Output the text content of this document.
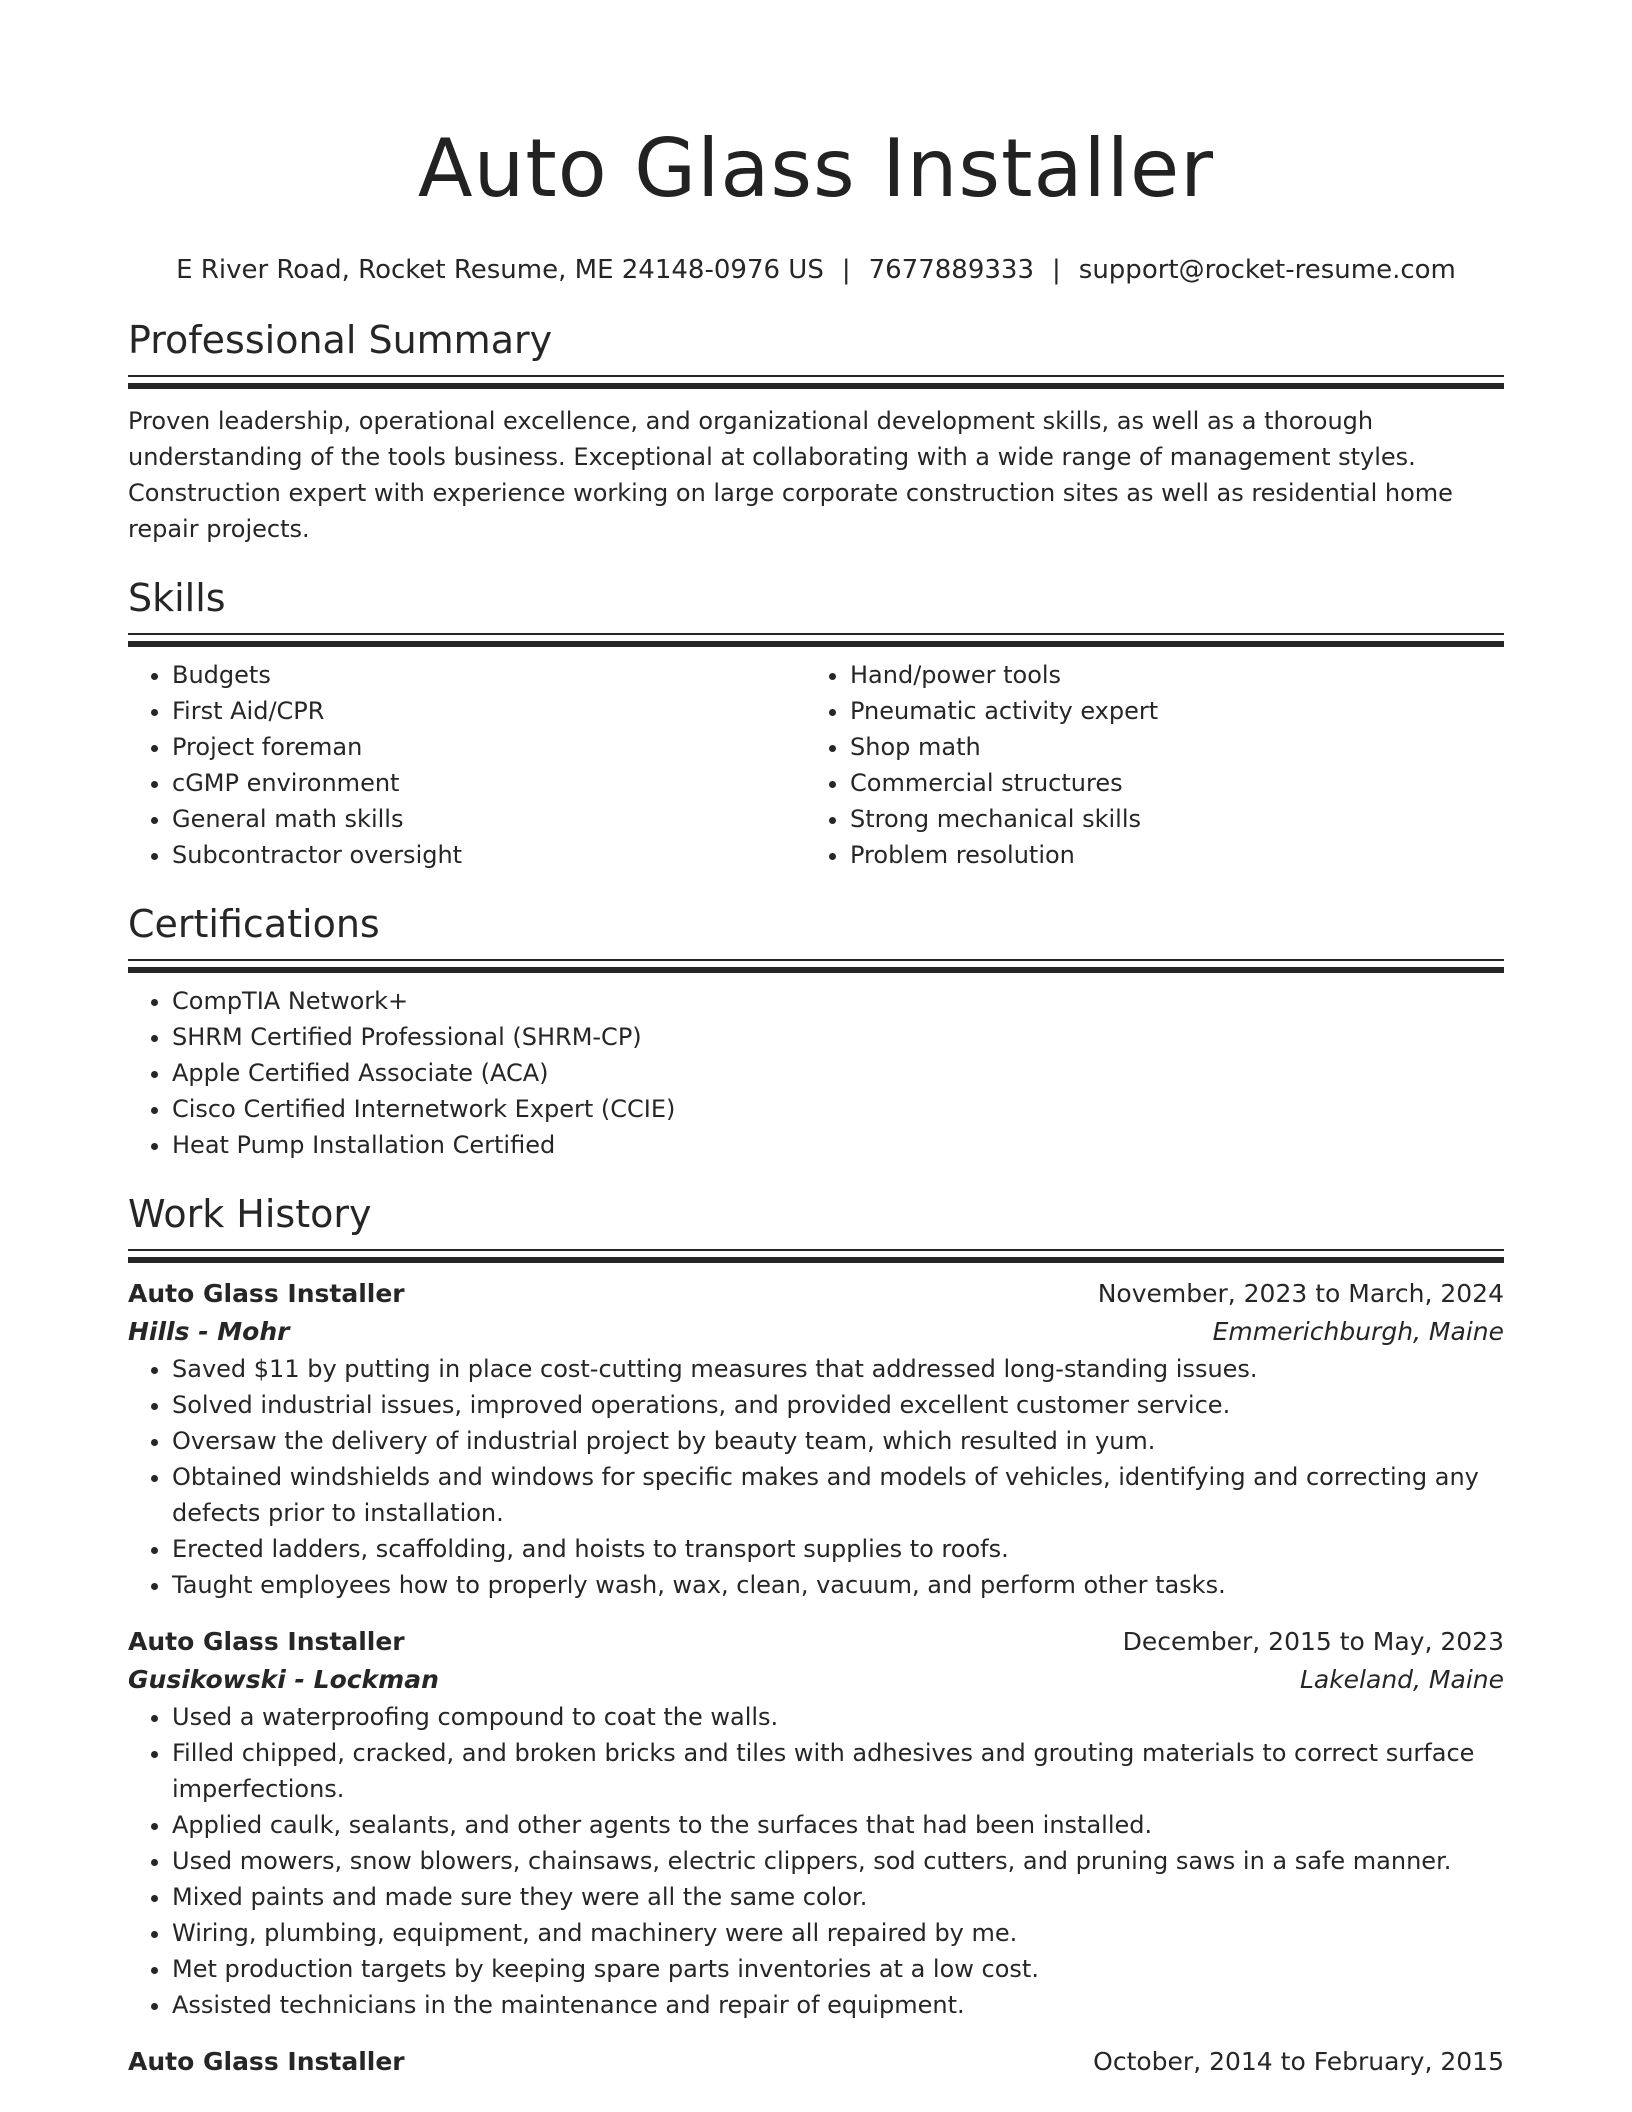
Auto Glass Installer
E River Road, Rocket Resume, ME 24148-0976 US | 7677889333 | support@rocket-resume.com
Professional Summary

Proven leadership, operational excellence, and organizational development skills, as well as a thorough understanding of the tools business. Exceptional at collaborating with a wide range of management styles. Construction expert with experience working on large corporate construction sites as well as residential home repair projects.

Skills
• Budgets
• First Aid/CPR
• Project foreman
• cGMP environment
• General math skills
• Subcontractor oversight
• Hand/power tools
• Pneumatic activity expert
• Shop math
• Commercial structures
• Strong mechanical skills
• Problem resolution
Certifications
• CompTIA Network+
• SHRM Certified Professional (SHRM-CP)
• Apple Certified Associate (ACA)
• Cisco Certified Internetwork Expert (CCIE)
• Heat Pump Installation Certified
Work History
Auto Glass Installer	November, 2023 to March, 2024
Hills - Mohr	Emmerichburgh, Maine
• Saved $11 by putting in place cost-cutting measures that addressed long-standing issues.
• Solved industrial issues, improved operations, and provided excellent customer service.
• Oversaw the delivery of industrial project by beauty team, which resulted in yum.
• Obtained windshields and windows for specific makes and models of vehicles, identifying and correcting any defects prior to installation.
• Erected ladders, scaffolding, and hoists to transport supplies to roofs.
• Taught employees how to properly wash, wax, clean, vacuum, and perform other tasks.
Auto Glass Installer	December, 2015 to May, 2023
Gusikowski - Lockman	Lakeland, Maine
• Used a waterproofing compound to coat the walls.
• Filled chipped, cracked, and broken bricks and tiles with adhesives and grouting materials to correct surface imperfections.
• Applied caulk, sealants, and other agents to the surfaces that had been installed.
• Used mowers, snow blowers, chainsaws, electric clippers, sod cutters, and pruning saws in a safe manner.
• Mixed paints and made sure they were all the same color.
• Wiring, plumbing, equipment, and machinery were all repaired by me.
• Met production targets by keeping spare parts inventories at a low cost.
• Assisted technicians in the maintenance and repair of equipment.
Auto Glass Installer	October, 2014 to February, 2015
